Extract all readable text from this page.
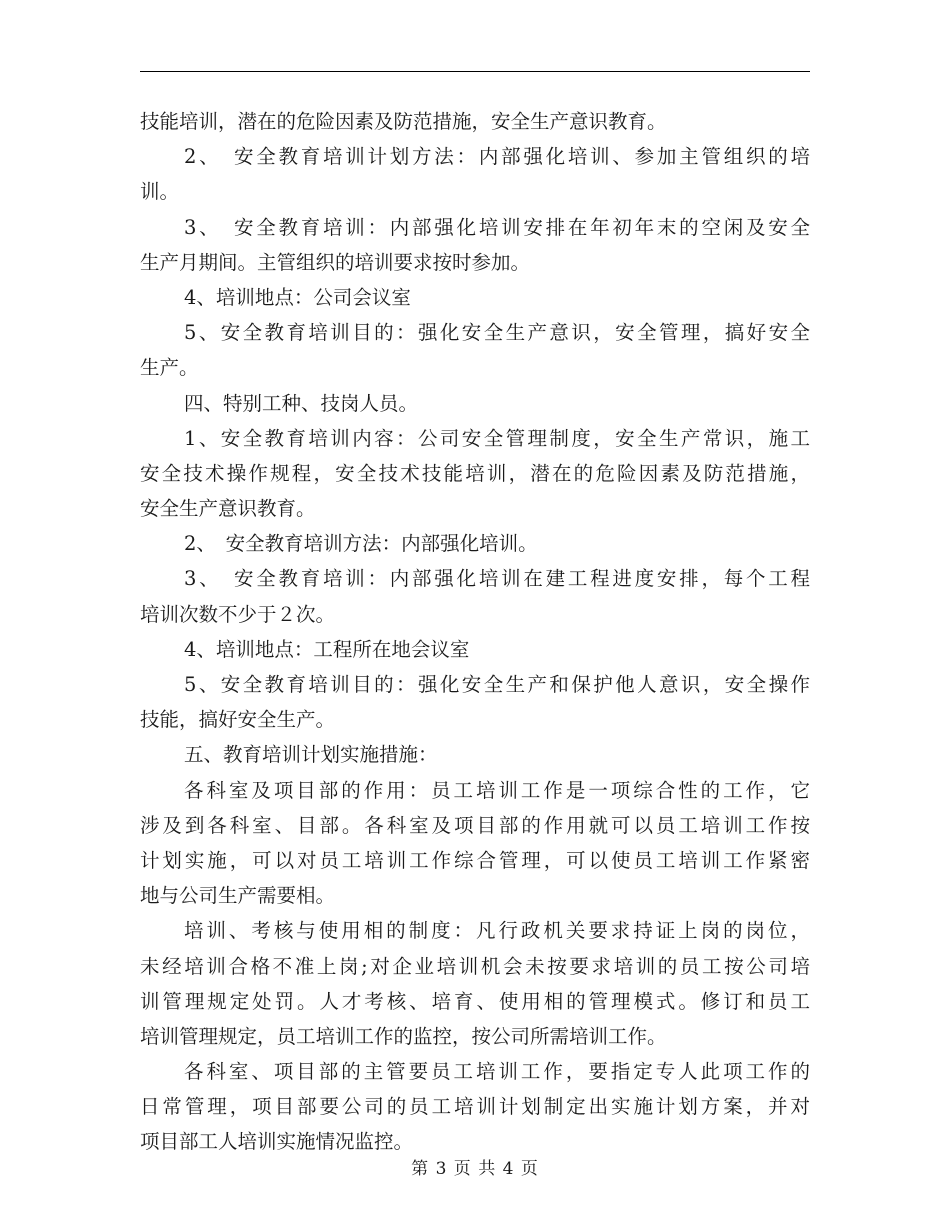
技能培训，潜在的危险因素及防范措施，安全生产意识教育。
2、　安全教育培训计划方法：内部强化培训、参加主管组织的培
训。
3、　安全教育培训：内部强化培训安排在年初年末的空闲及安全
生产月期间。主管组织的培训要求按时参加。
4、培训地点：公司会议室
5、安全教育培训目的：强化安全生产意识，安全管理，搞好安全
生产。
四、特别工种、技岗人员。
1、安全教育培训内容：公司安全管理制度，安全生产常识，施工
安全技术操作规程，安全技术技能培训，潜在的危险因素及防范措施，
安全生产意识教育。
2、　安全教育培训方法：内部强化培训。
3、　安全教育培训：内部强化培训在建工程进度安排，每个工程
培训次数不少于２次。
4、培训地点：工程所在地会议室
5、安全教育培训目的：强化安全生产和保护他人意识，安全操作
技能，搞好安全生产。
五、教育培训计划实施措施：
各科室及项目部的作用：员工培训工作是一项综合性的工作，它
涉及到各科室、目部。各科室及项目部的作用就可以员工培训工作按
计划实施，可以对员工培训工作综合管理，可以使员工培训工作紧密
地与公司生产需要相。
培训、考核与使用相的制度：凡行政机关要求持证上岗的岗位，
未经培训合格不准上岗;对企业培训机会未按要求培训的员工按公司培
训管理规定处罚。人才考核、培育、使用相的管理模式。修订和员工
培训管理规定，员工培训工作的监控，按公司所需培训工作。
各科室、项目部的主管要员工培训工作，要指定专人此项工作的
日常管理，项目部要公司的员工培训计划制定出实施计划方案，并对
项目部工人培训实施情况监控。
第 3 页 共 4 页
